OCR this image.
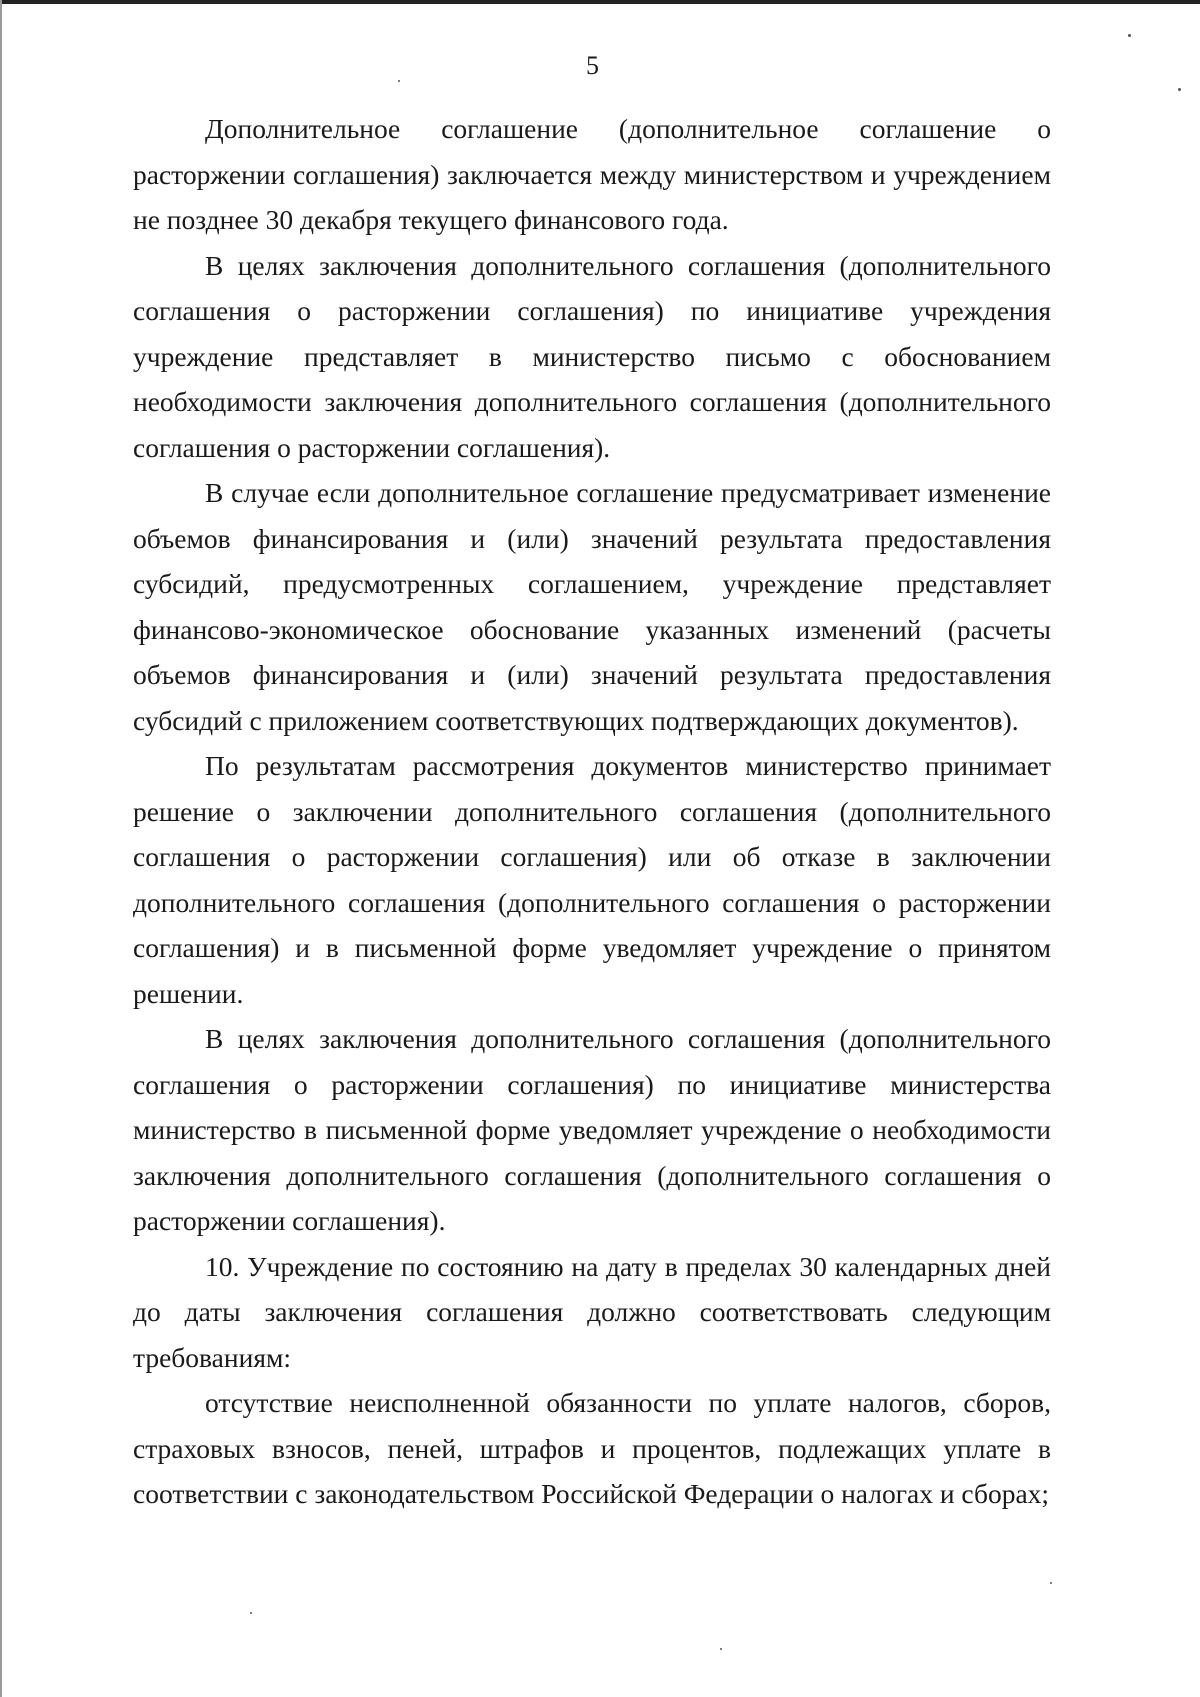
5

Дополнительное соглашение (дополнительное соглашение о расторжении соглашения) заключается между министерством и учреждением не позднее 30 декабря текущего финансового года.

В целях заключения дополнительного соглашения (дополнительного соглашения о расторжении соглашения) по инициативе учреждения учреждение представляет в министерство письмо с обоснованием необходимости заключения дополнительного соглашения (дополнительного соглашения о расторжении соглашения).

В случае если дополнительное соглашение предусматривает изменение объемов финансирования и (или) значений результата предоставления субсидий, предусмотренных соглашением, учреждение представляет финансово-экономическое обоснование указанных изменений (расчеты объемов финансирования и (или) значений результата предоставления субсидий с приложением соответствующих подтверждающих документов).

По результатам рассмотрения документов министерство принимает решение о заключении дополнительного соглашения (дополнительного соглашения о расторжении соглашения) или об отказе в заключении дополнительного соглашения (дополнительного соглашения о расторжении соглашения) и в письменной форме уведомляет учреждение о принятом решении.

В целях заключения дополнительного соглашения (дополнительного соглашения о расторжении соглашения) по инициативе министерства министерство в письменной форме уведомляет учреждение о необходимости заключения дополнительного соглашения (дополнительного соглашения о расторжении соглашения).

10. Учреждение по состоянию на дату в пределах 30 календарных дней до даты заключения соглашения должно соответствовать следующим требованиям:

отсутствие неисполненной обязанности по уплате налогов, сборов, страховых взносов, пеней, штрафов и процентов, подлежащих уплате в соответствии с законодательством Российской Федерации о налогах и сборах;
